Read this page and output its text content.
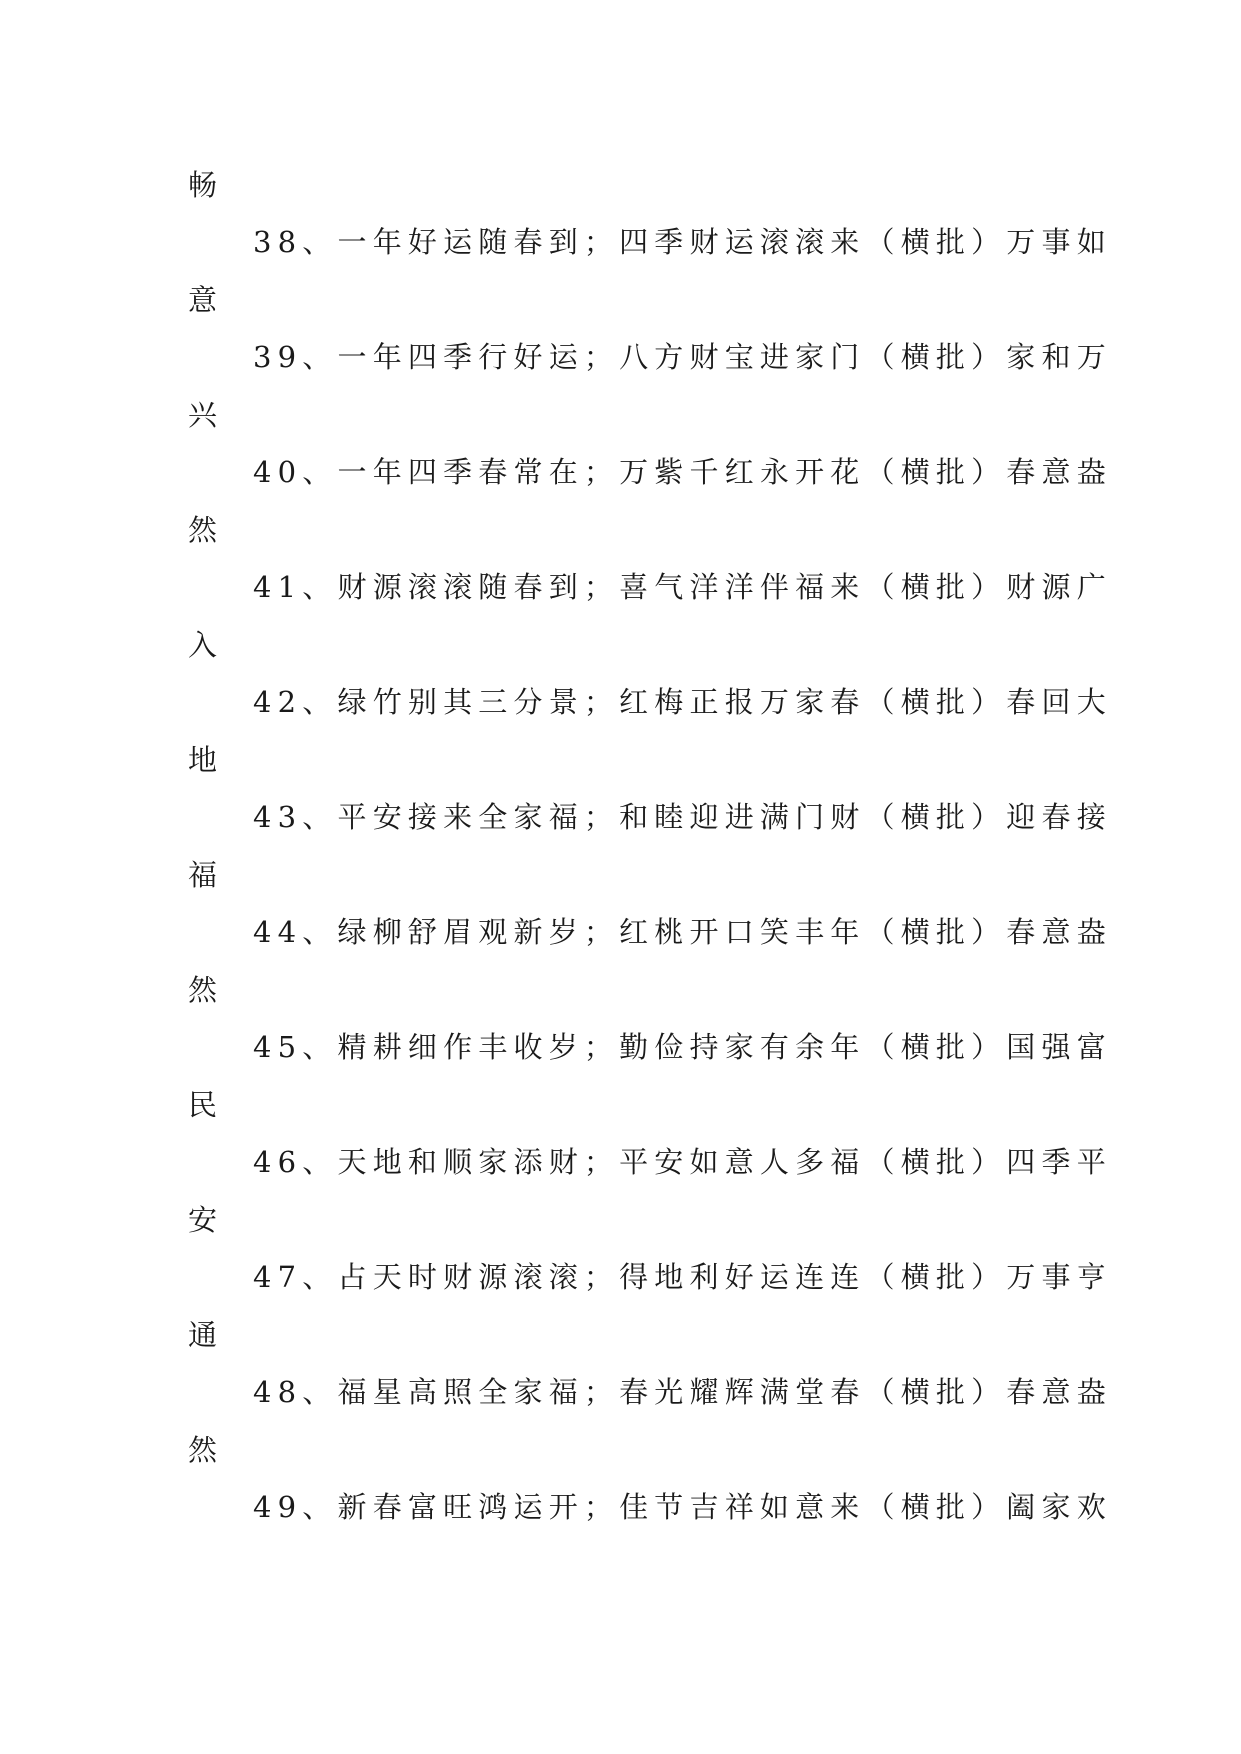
畅
38、一年好运随春到；四季财运滚滚来（横批）万事如
意
39、一年四季行好运；八方财宝进家门（横批）家和万
兴
40、一年四季春常在；万紫千红永开花（横批）春意盎
然
41、财源滚滚随春到；喜气洋洋伴福来（横批）财源广
入
42、绿竹别其三分景；红梅正报万家春（横批）春回大
地
43、平安接来全家福；和睦迎进满门财（横批）迎春接
福
44、绿柳舒眉观新岁；红桃开口笑丰年（横批）春意盎
然
45、精耕细作丰收岁；勤俭持家有余年（横批）国强富
民
46、天地和顺家添财；平安如意人多福（横批）四季平
安
47、占天时财源滚滚；得地利好运连连（横批）万事亨
通
48、福星高照全家福；春光耀辉满堂春（横批）春意盎
然
49、新春富旺鸿运开；佳节吉祥如意来（横批）阖家欢
